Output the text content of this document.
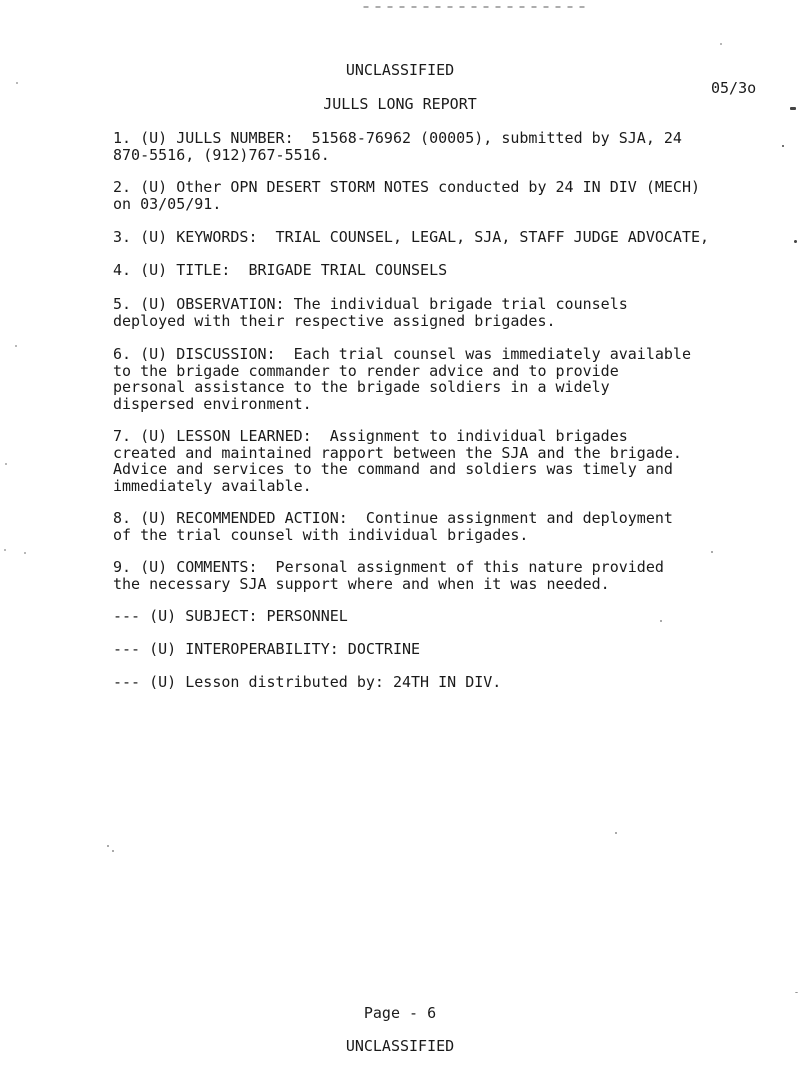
UNCLASSIFIED
05/3ο
JULLS LONG REPORT
1. (U) JULLS NUMBER:  51568-76962 (00005), submitted by SJA, 24
870-5516, (912)767-5516.
2. (U) Other OPN DESERT STORM NOTES conducted by 24 IN DIV (MECH)
on 03/05/91.
3. (U) KEYWORDS:  TRIAL COUNSEL, LEGAL, SJA, STAFF JUDGE ADVOCATE,
4. (U) TITLE:  BRIGADE TRIAL COUNSELS
5. (U) OBSERVATION: The individual brigade trial counsels
deployed with their respective assigned brigades.
6. (U) DISCUSSION:  Each trial counsel was immediately available
to the brigade commander to render advice and to provide
personal assistance to the brigade soldiers in a widely
dispersed environment.
7. (U) LESSON LEARNED:  Assignment to individual brigades
created and maintained rapport between the SJA and the brigade.
Advice and services to the command and soldiers was timely and
immediately available.
8. (U) RECOMMENDED ACTION:  Continue assignment and deployment
of the trial counsel with individual brigades.
9. (U) COMMENTS:  Personal assignment of this nature provided
the necessary SJA support where and when it was needed.
--- (U) SUBJECT: PERSONNEL
--- (U) INTEROPERABILITY: DOCTRINE
--- (U) Lesson distributed by: 24TH IN DIV.
Page - 6
UNCLASSIFIED
